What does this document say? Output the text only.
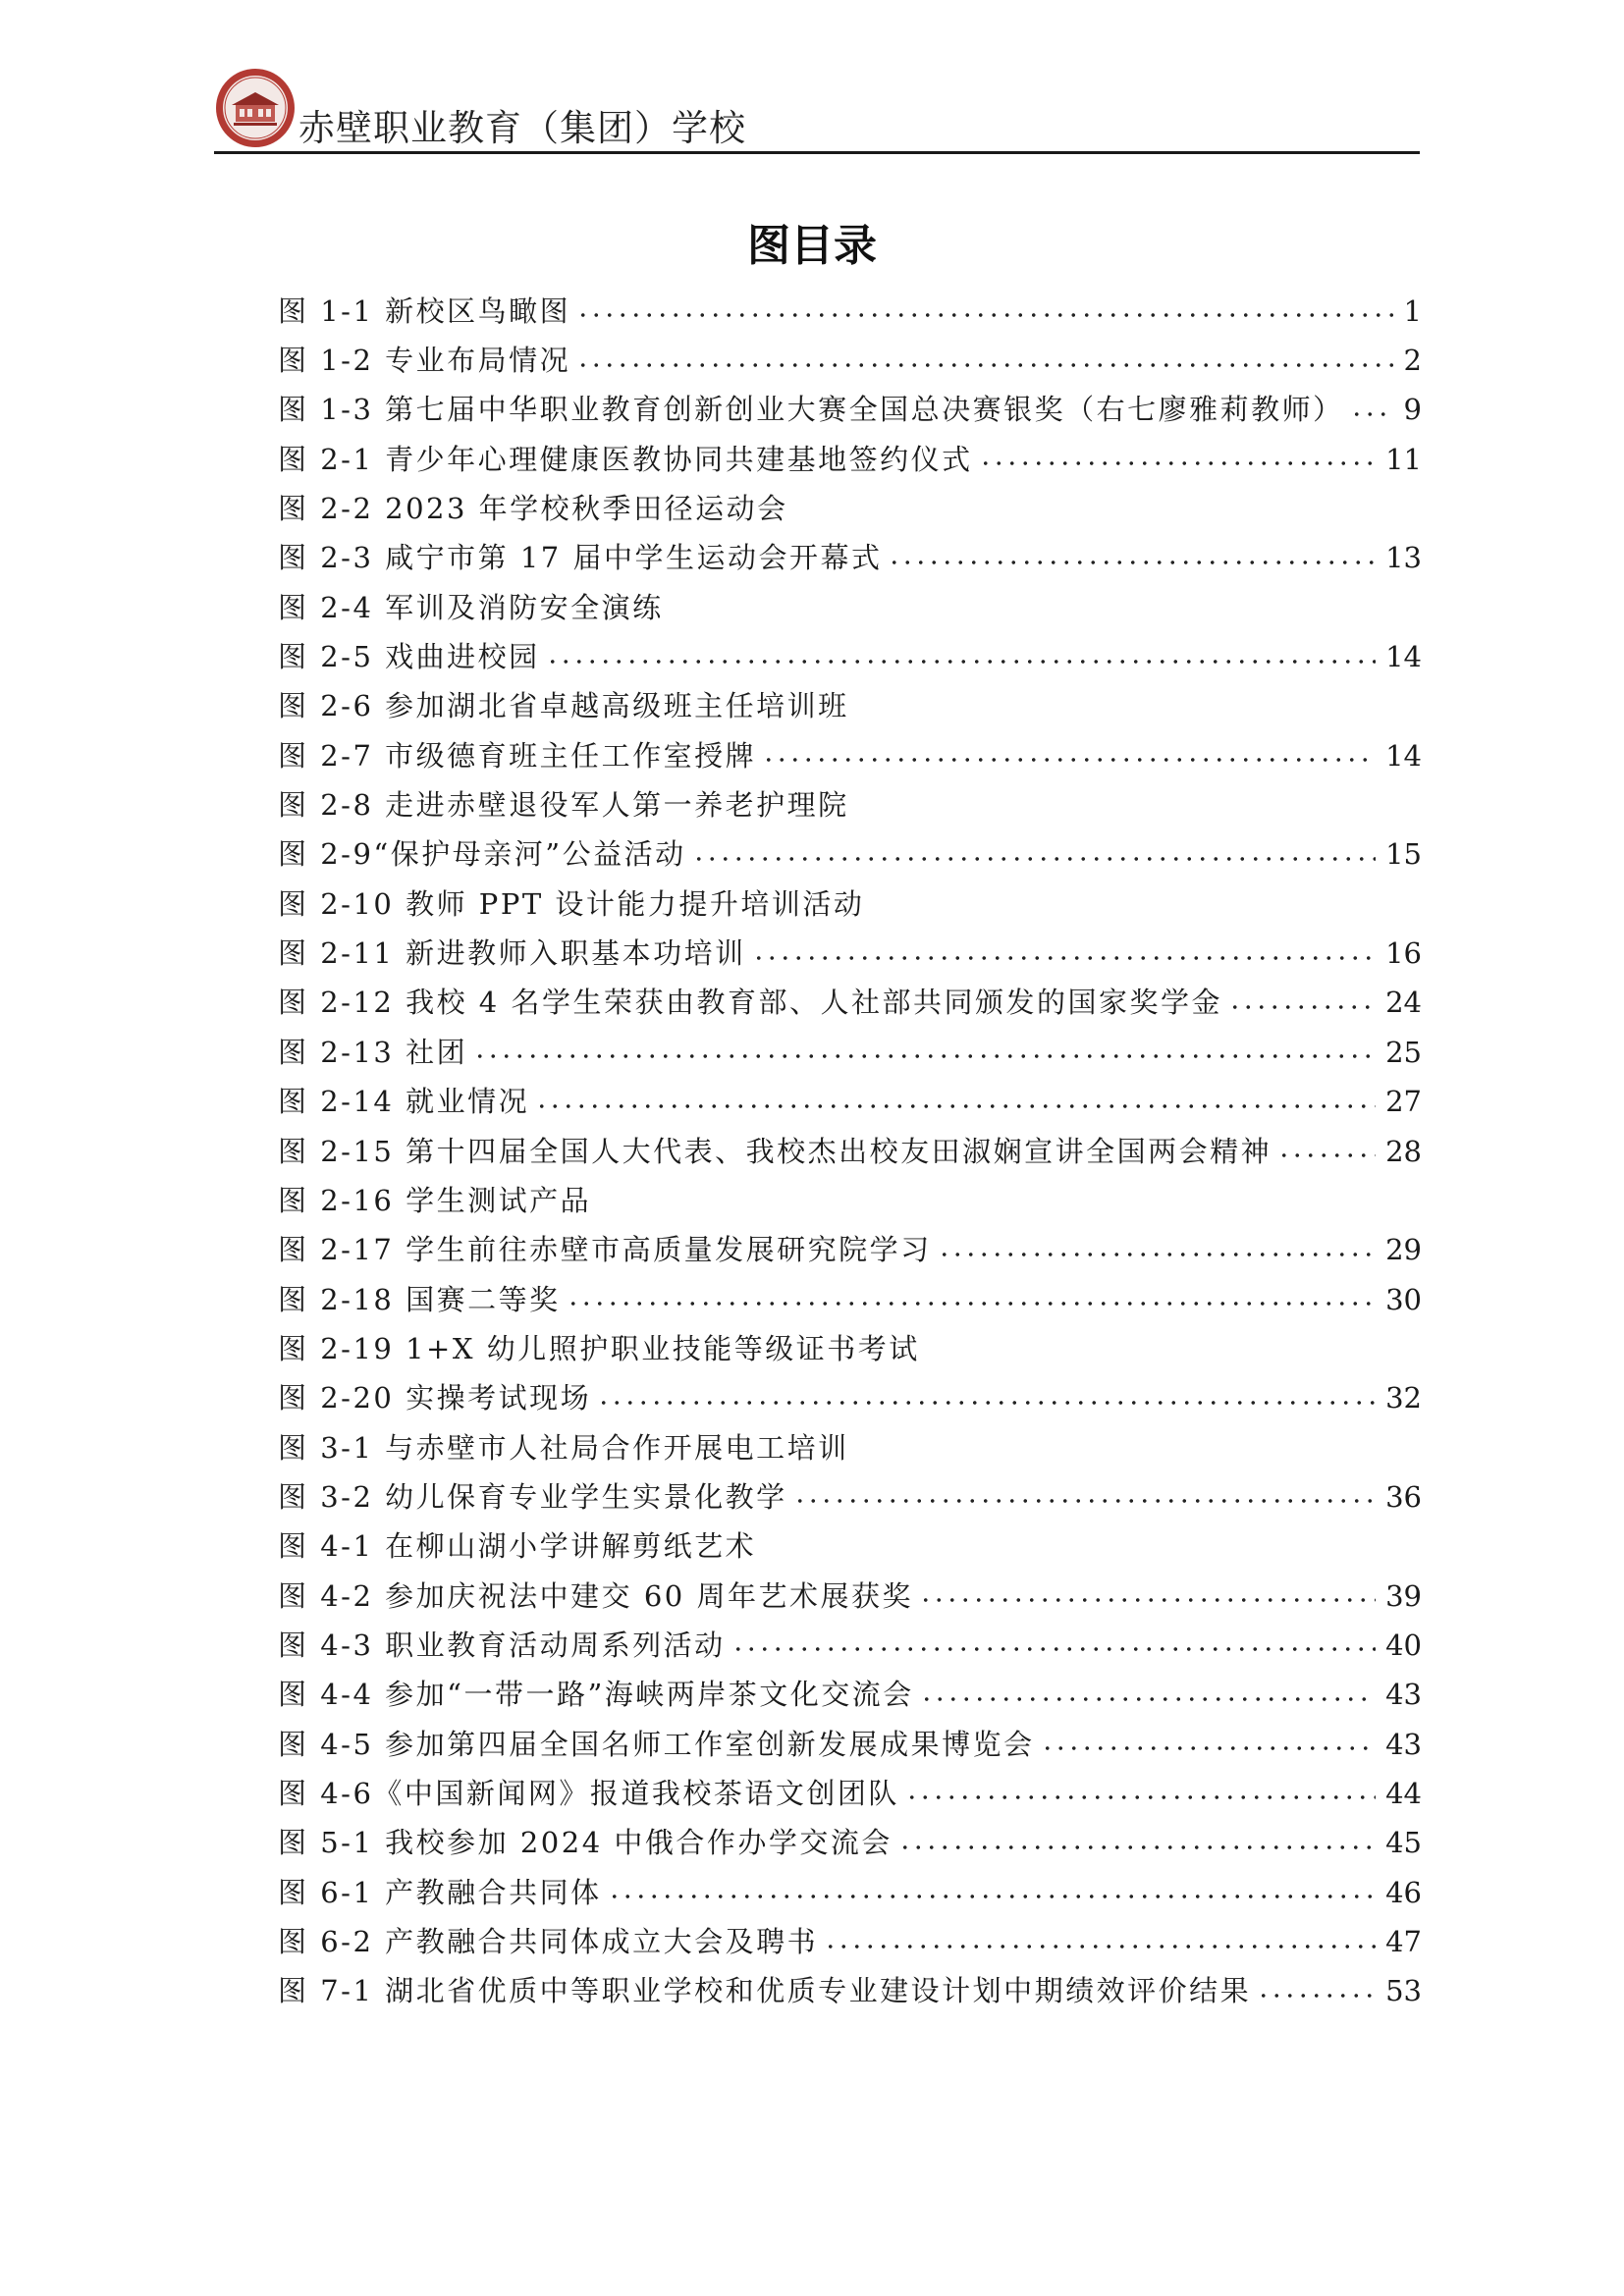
赤壁职业教育（集团）学校
图目录
图 1-1 新校区鸟瞰图	1
图 1-2 专业布局情况	2
图 1-3 第七届中华职业教育创新创业大赛全国总决赛银奖（右七廖雅莉教师） 9
图 2-1 青少年心理健康医教协同共建基地签约仪式	11
图 2-2 2023 年学校秋季田径运动会
图 2-3 咸宁市第 17 届中学生运动会开幕式	13
图 2-4 军训及消防安全演练
图 2-5 戏曲进校园	14
图 2-6 参加湖北省卓越高级班主任培训班
图 2-7 市级德育班主任工作室授牌	14
图 2-8 走进赤壁退役军人第一养老护理院
图 2-9“保护母亲河”公益活动	15
图 2-10 教师 PPT 设计能力提升培训活动
图 2-11 新进教师入职基本功培训	16
图 2-12 我校 4 名学生荣获由教育部、人社部共同颁发的国家奖学金	24
图 2-13 社团	25
图 2-14 就业情况	27
图 2-15 第十四届全国人大代表、我校杰出校友田淑娴宣讲全国两会精神	28
图 2-16 学生测试产品
图 2-17 学生前往赤壁市高质量发展研究院学习	29
图 2-18 国赛二等奖	30
图 2-19 1+X 幼儿照护职业技能等级证书考试
图 2-20 实操考试现场	32
图 3-1 与赤壁市人社局合作开展电工培训
图 3-2 幼儿保育专业学生实景化教学	36
图 4-1 在柳山湖小学讲解剪纸艺术
图 4-2 参加庆祝法中建交 60 周年艺术展获奖	39
图 4-3 职业教育活动周系列活动	40
图 4-4 参加“一带一路”海峡两岸茶文化交流会	43
图 4-5 参加第四届全国名师工作室创新发展成果博览会	43
图 4-6《中国新闻网》报道我校茶语文创团队	44
图 5-1 我校参加 2024 中俄合作办学交流会	45
图 6-1 产教融合共同体	46
图 6-2 产教融合共同体成立大会及聘书	47
图 7-1 湖北省优质中等职业学校和优质专业建设计划中期绩效评价结果	53
